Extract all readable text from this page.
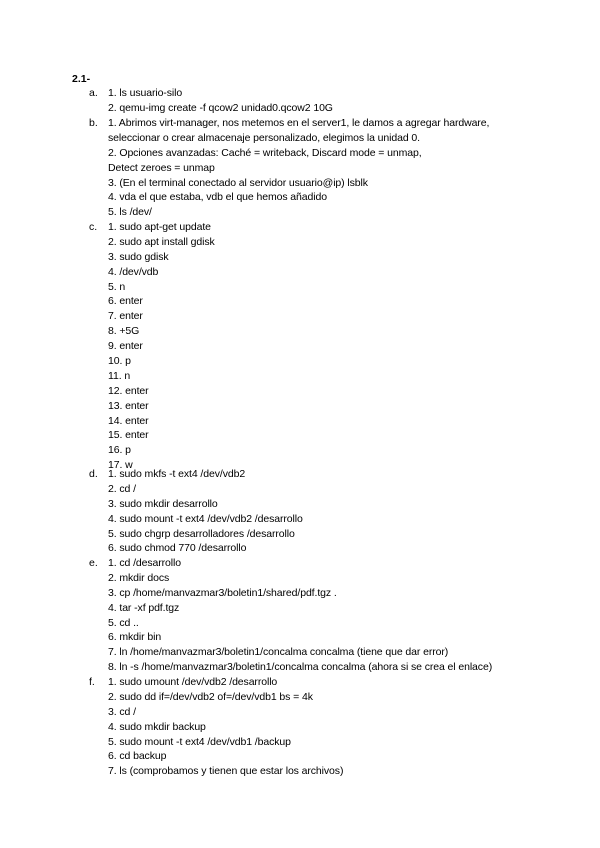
2.1-

a. 1. ls usuario-silo
2. qemu-img create -f qcow2 unidad0.qcow2 10G
b. 1. Abrimos virt-manager, nos metemos en el server1, le damos a agregar hardware,
seleccionar o crear almacenaje personalizado, elegimos la unidad 0.
2. Opciones avanzadas: Caché = writeback, Discard mode = unmap,
Detect zeroes = unmap
3. (En el terminal conectado al servidor usuario@ip) lsblk
4. vda el que estaba, vdb el que hemos añadido
5. ls /dev/
c. 1. sudo apt-get update
2. sudo apt install gdisk
3. sudo gdisk
4. /dev/vdb
5. n
6. enter
7. enter
8. +5G
9. enter
10. p
11. n
12. enter
13. enter
14. enter
15. enter
16. p
17. w
d. 1. sudo mkfs -t ext4 /dev/vdb2
2. cd /
3. sudo mkdir desarrollo
4. sudo mount -t ext4 /dev/vdb2 /desarrollo
5. sudo chgrp desarrolladores /desarrollo
6. sudo chmod 770 /desarrollo
e. 1. cd /desarrollo
2. mkdir docs
3. cp /home/manvazmar3/boletin1/shared/pdf.tgz .
4. tar -xf pdf.tgz
5. cd ..
6. mkdir bin
7. ln /home/manvazmar3/boletin1/concalma concalma (tiene que dar error)
8. ln -s /home/manvazmar3/boletin1/concalma concalma (ahora si se crea el enlace)
f. 1. sudo umount /dev/vdb2 /desarrollo
2. sudo dd if=/dev/vdb2 of=/dev/vdb1 bs = 4k
3. cd /
4. sudo mkdir backup
5. sudo mount -t ext4 /dev/vdb1 /backup
6. cd backup
7. ls (comprobamos y tienen que estar los archivos)
